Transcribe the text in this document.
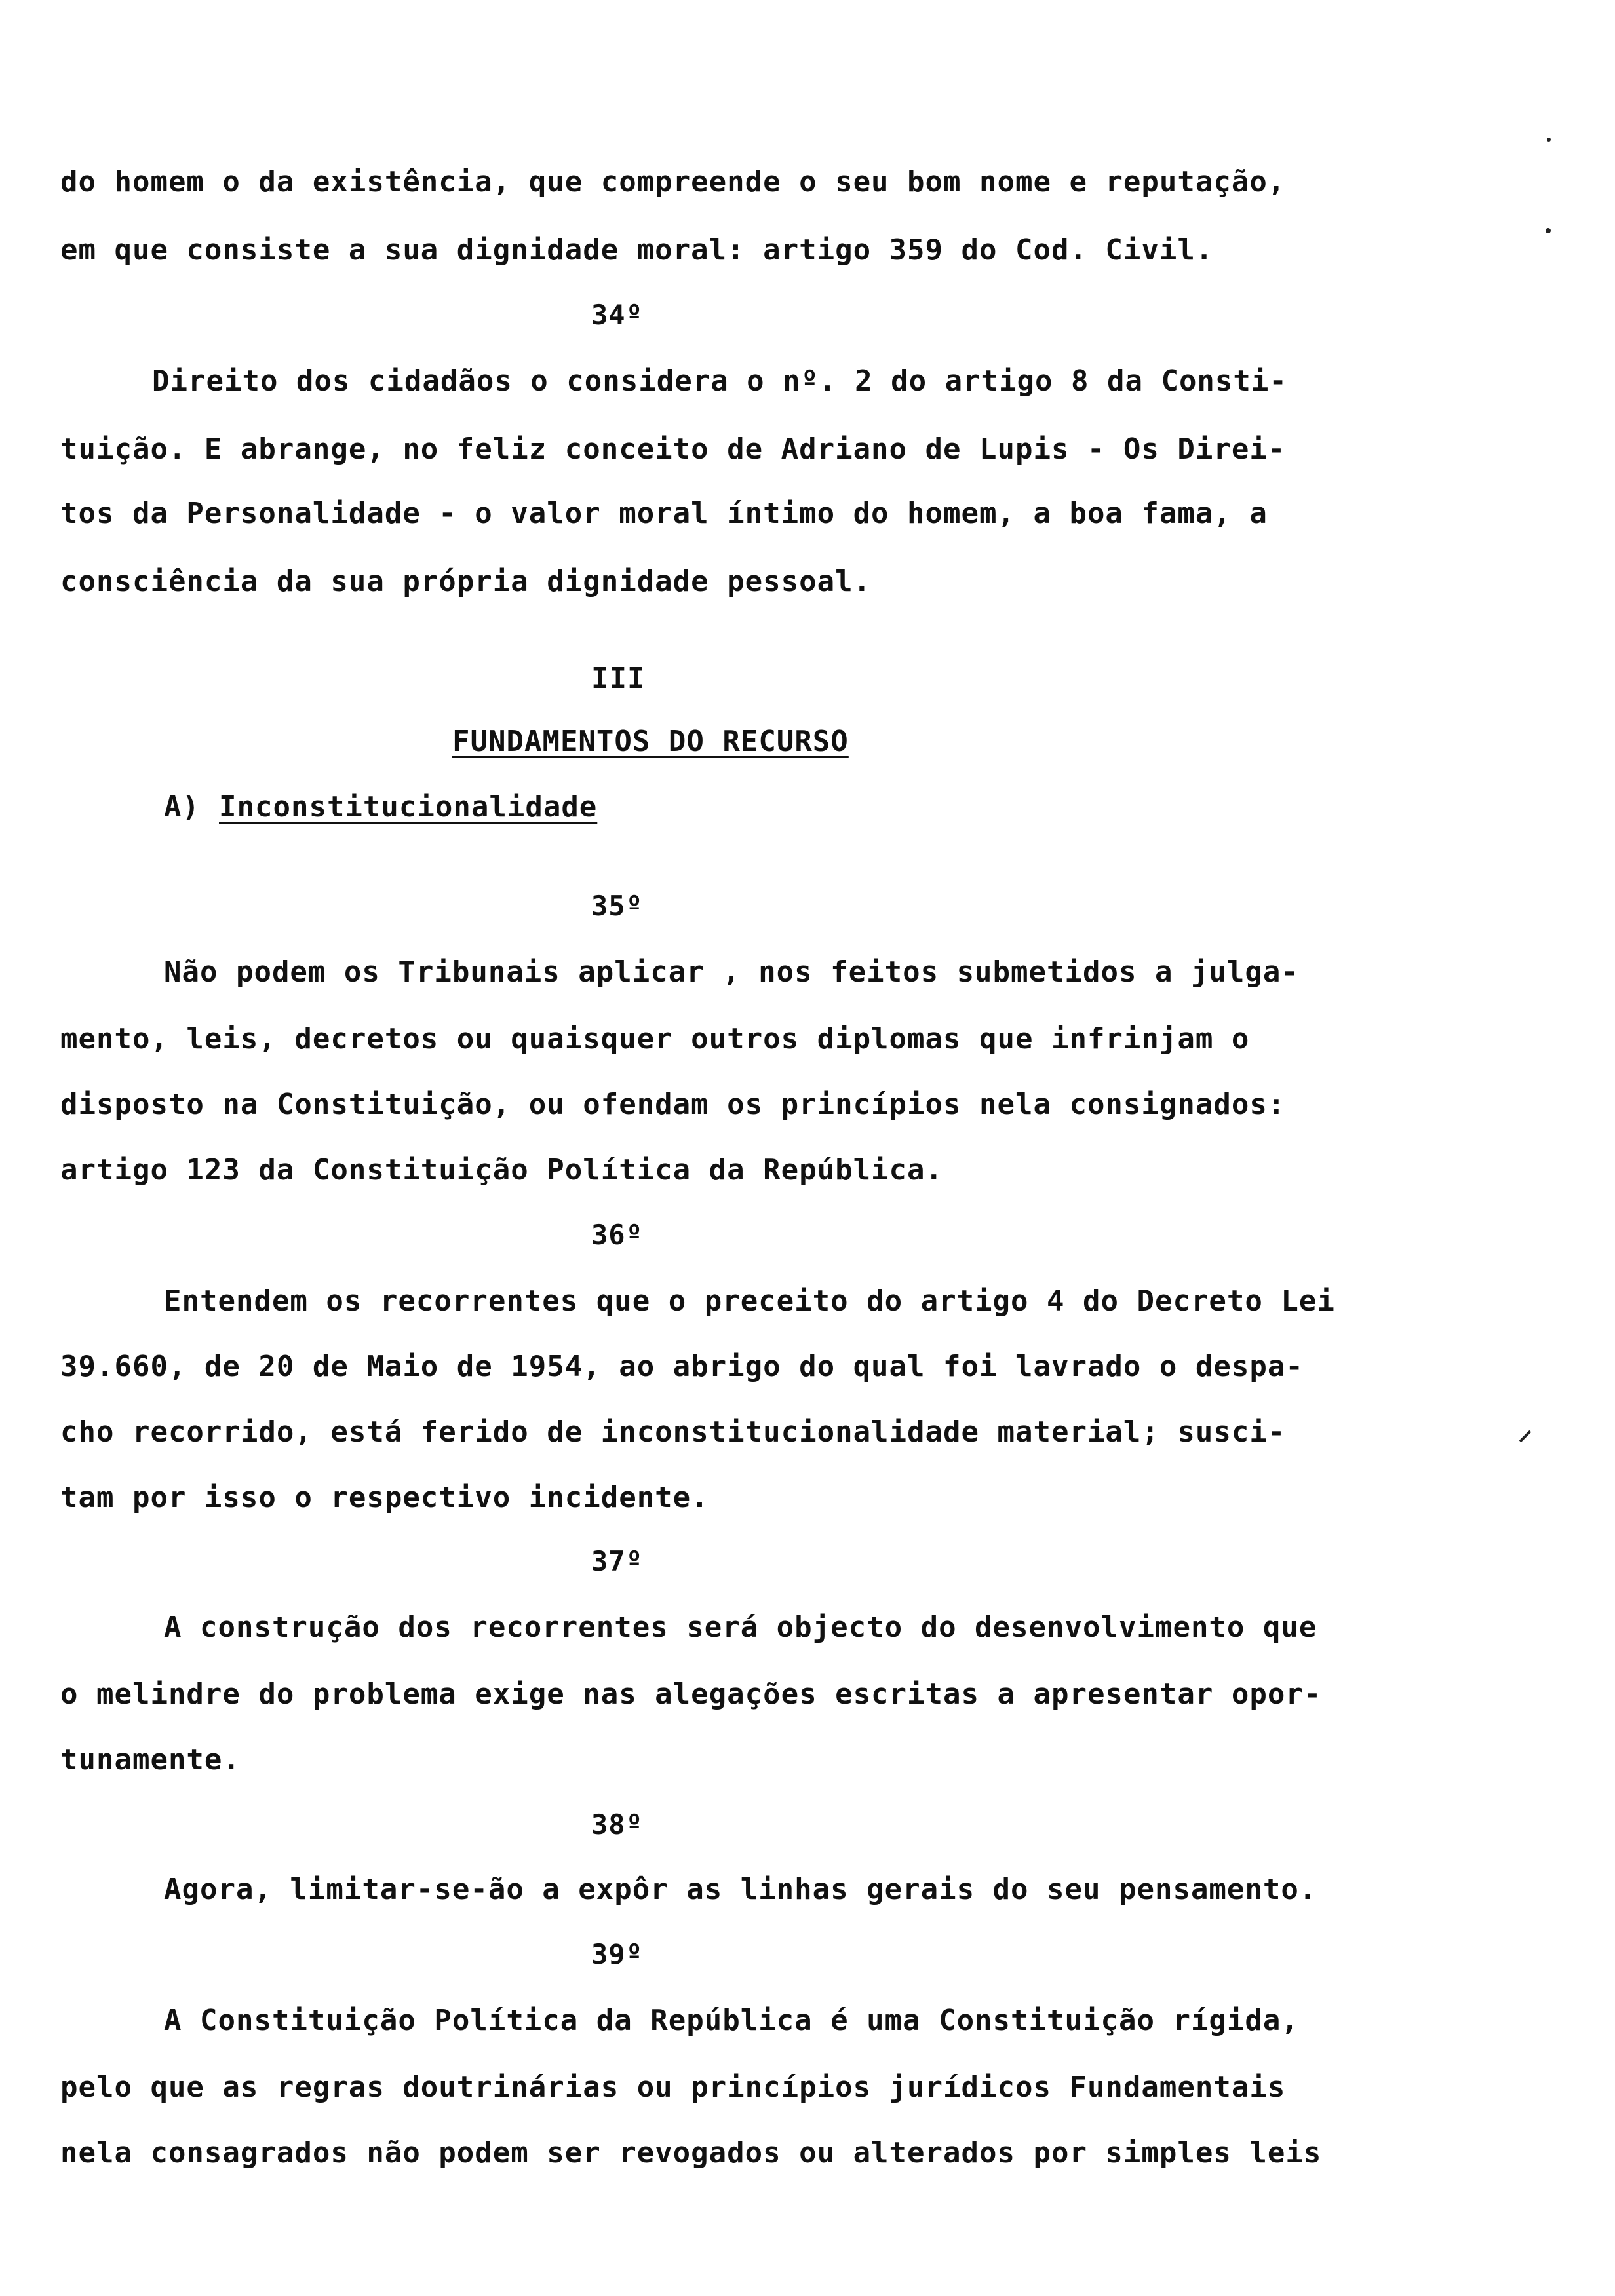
do homem o da existência, que compreende o seu bom nome e reputação,
em que consiste a sua dignidade moral: artigo 359 do Cod. Civil.
34º
Direito dos cidadãos o considera o nº. 2 do artigo 8 da Consti-
tuição. E abrange, no feliz conceito de Adriano de Lupis - Os Direi-
tos da Personalidade - o valor moral íntimo do homem, a boa fama, a
consciência da sua própria dignidade pessoal.
III
FUNDAMENTOS DO RECURSO
A) Inconstitucionalidade
35º
Não podem os Tribunais aplicar , nos feitos submetidos a julga-
mento, leis, decretos ou quaisquer outros diplomas que infrinjam o
disposto na Constituição, ou ofendam os princípios nela consignados:
artigo 123 da Constituição Política da República.
36º
Entendem os recorrentes que o preceito do artigo 4 do Decreto Lei
39.660, de 20 de Maio de 1954, ao abrigo do qual foi lavrado o despa-
cho recorrido, está ferido de inconstitucionalidade material; susci-
tam por isso o respectivo incidente.
37º
A construção dos recorrentes será objecto do desenvolvimento que
o melindre do problema exige nas alegações escritas a apresentar opor-
tunamente.
38º
Agora, limitar-se-ão a expôr as linhas gerais do seu pensamento.
39º
A Constituição Política da República é uma Constituição rígida,
pelo que as regras doutrinárias ou princípios jurídicos Fundamentais
nela consagrados não podem ser revogados ou alterados por simples leis
